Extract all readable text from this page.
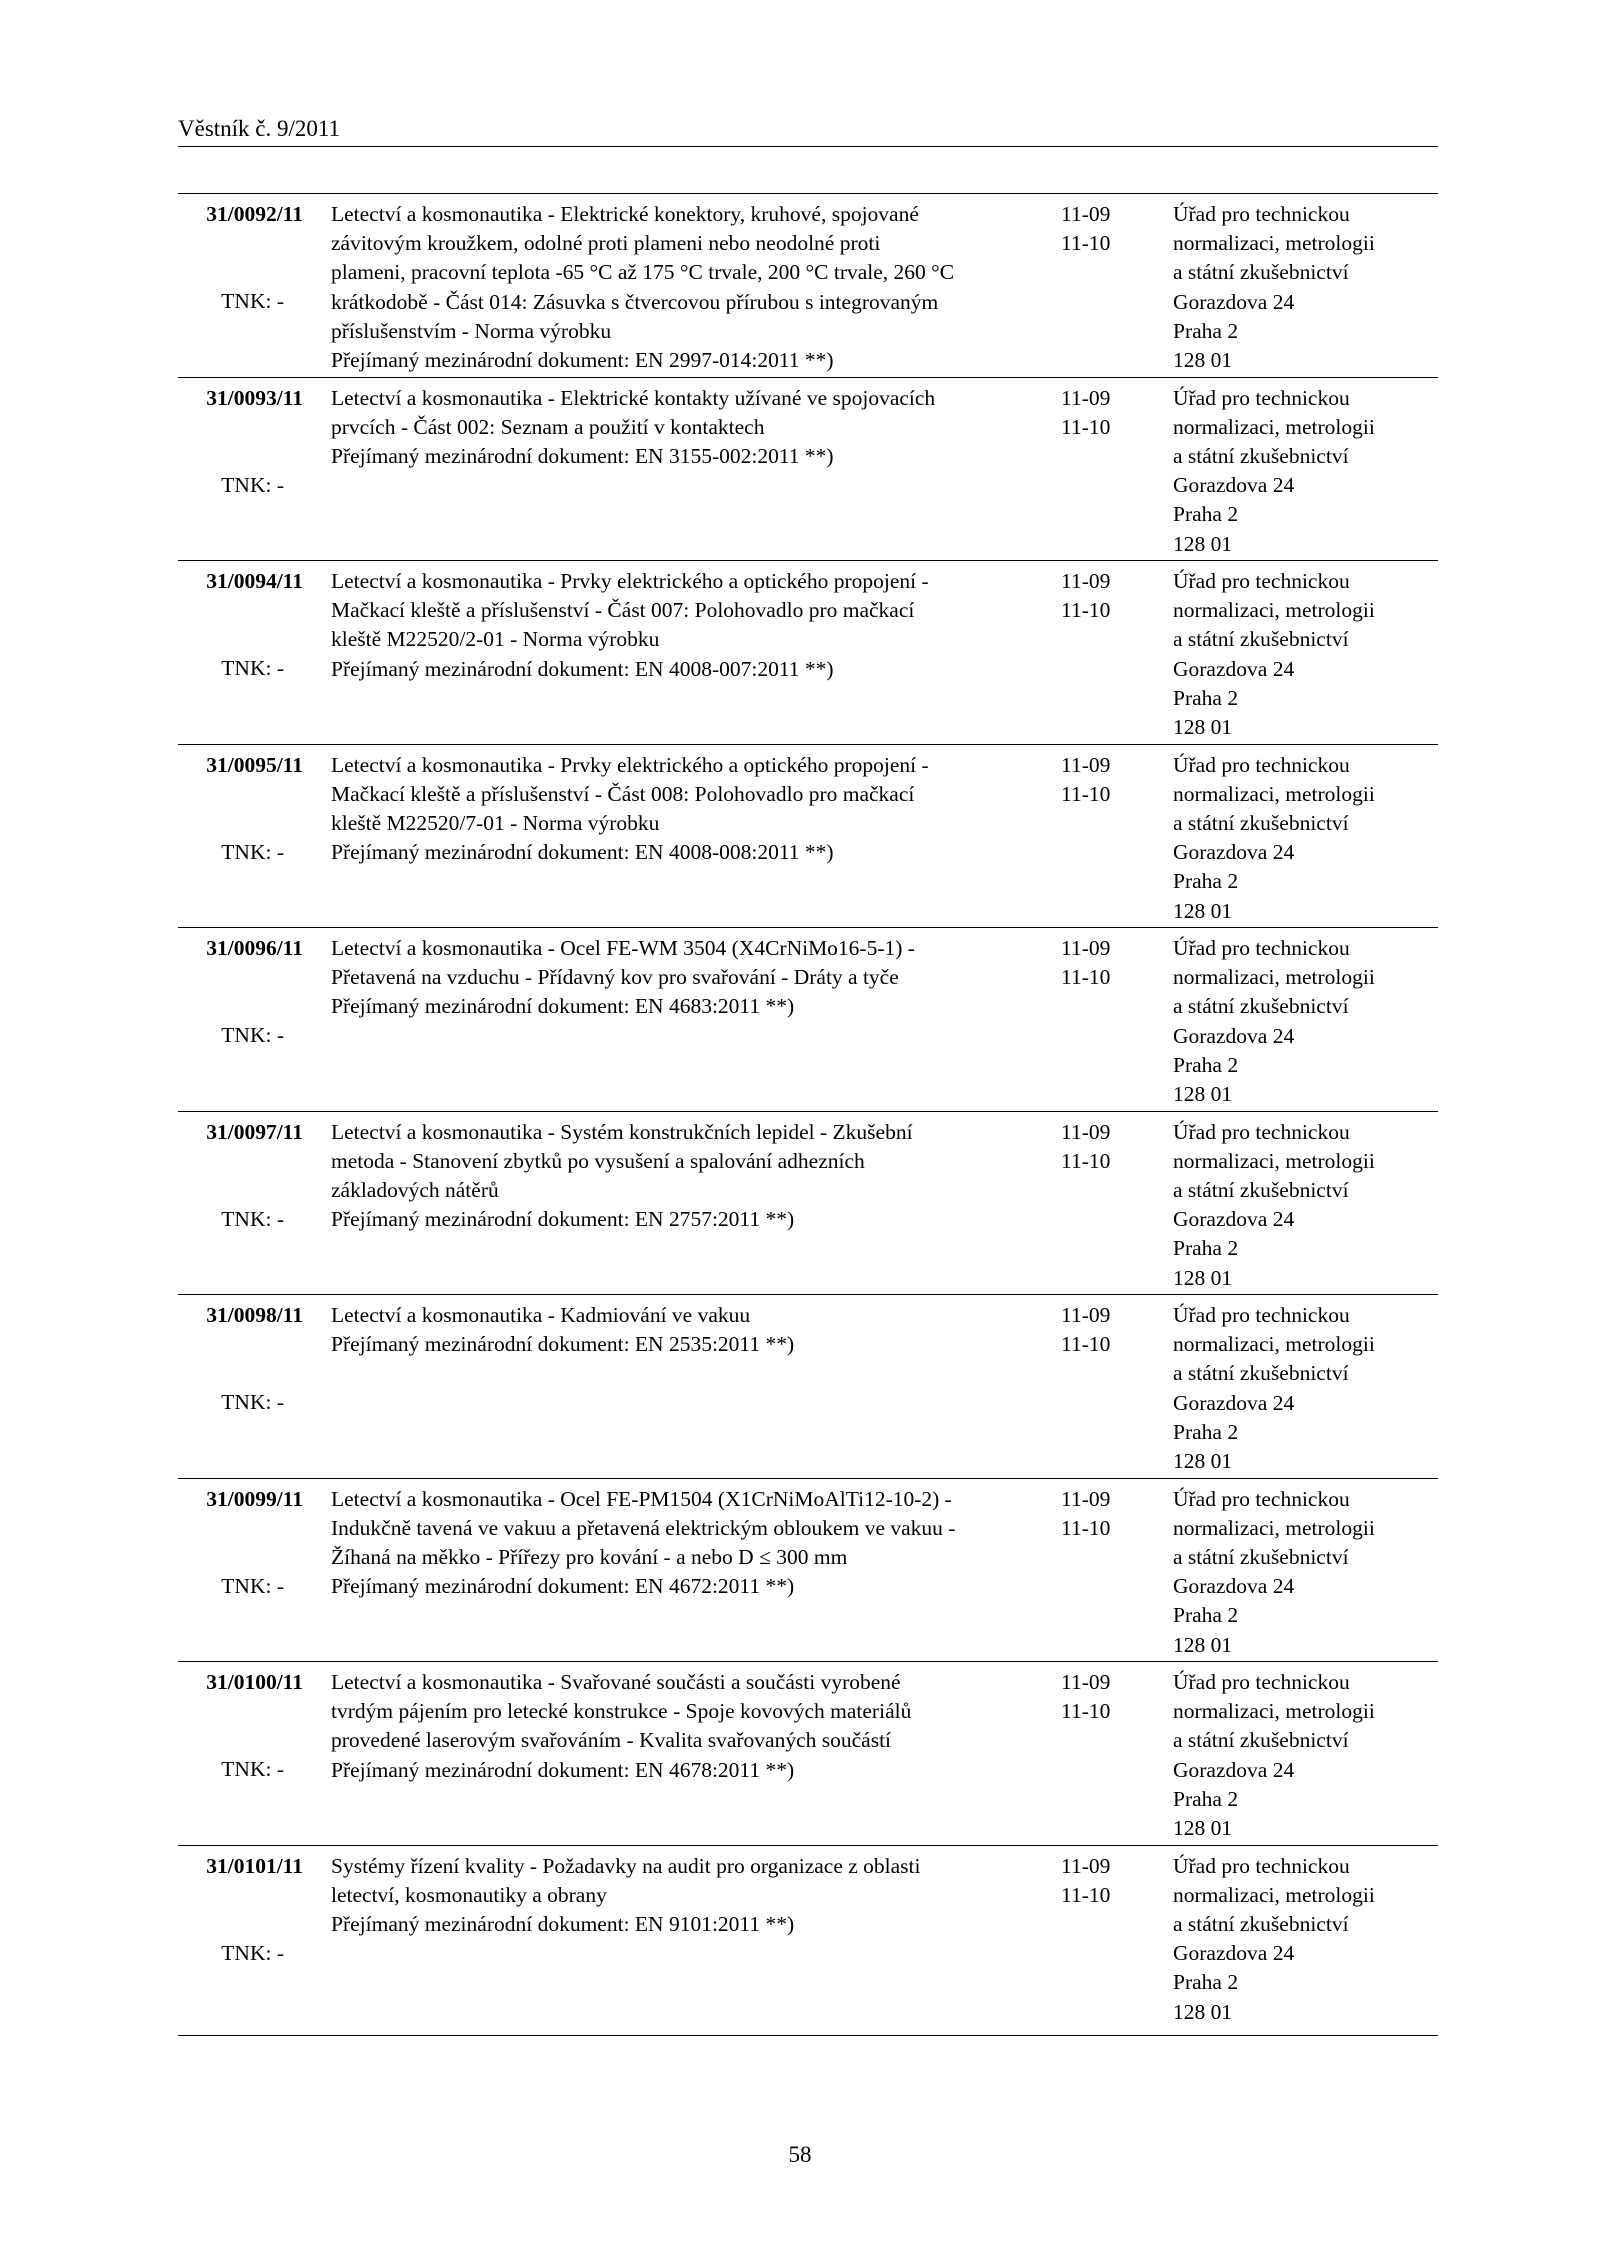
Věstník č. 9/2011
31/0092/11
TNK: -
Letectví a kosmonautika - Elektrické konektory, kruhové, spojované
závitovým kroužkem, odolné proti plameni nebo neodolné proti
plameni, pracovní teplota -65 °C až 175 °C trvale, 200 °C trvale, 260 °C
krátkodobě - Část 014: Zásuvka s čtvercovou přírubou s integrovaným
příslušenstvím - Norma výrobku
Přejímaný mezinárodní dokument: EN 2997-014:2011 **)
11-09
11-10
Úřad pro technickou
normalizaci, metrologii
a státní zkušebnictví
Gorazdova 24
Praha 2
128 01
31/0093/11
TNK: -
Letectví a kosmonautika - Elektrické kontakty užívané ve spojovacích
prvcích - Část 002: Seznam a použití v kontaktech
Přejímaný mezinárodní dokument: EN 3155-002:2011 **)
11-09
11-10
Úřad pro technickou
normalizaci, metrologii
a státní zkušebnictví
Gorazdova 24
Praha 2
128 01
31/0094/11
TNK: -
Letectví a kosmonautika - Prvky elektrického a optického propojení -
Mačkací kleště a příslušenství - Část 007: Polohovadlo pro mačkací
kleště M22520/2-01 - Norma výrobku
Přejímaný mezinárodní dokument: EN 4008-007:2011 **)
11-09
11-10
Úřad pro technickou
normalizaci, metrologii
a státní zkušebnictví
Gorazdova 24
Praha 2
128 01
31/0095/11
TNK: -
Letectví a kosmonautika - Prvky elektrického a optického propojení -
Mačkací kleště a příslušenství - Část 008: Polohovadlo pro mačkací
kleště M22520/7-01 - Norma výrobku
Přejímaný mezinárodní dokument: EN 4008-008:2011 **)
11-09
11-10
Úřad pro technickou
normalizaci, metrologii
a státní zkušebnictví
Gorazdova 24
Praha 2
128 01
31/0096/11
TNK: -
Letectví a kosmonautika - Ocel FE-WM 3504 (X4CrNiMo16-5-1) -
Přetavená na vzduchu - Přídavný kov pro svařování - Dráty a tyče
Přejímaný mezinárodní dokument: EN 4683:2011 **)
11-09
11-10
Úřad pro technickou
normalizaci, metrologii
a státní zkušebnictví
Gorazdova 24
Praha 2
128 01
31/0097/11
TNK: -
Letectví a kosmonautika - Systém konstrukčních lepidel - Zkušební
metoda - Stanovení zbytků po vysušení a spalování adhezních
základových nátěrů
Přejímaný mezinárodní dokument: EN 2757:2011 **)
11-09
11-10
Úřad pro technickou
normalizaci, metrologii
a státní zkušebnictví
Gorazdova 24
Praha 2
128 01
31/0098/11
TNK: -
Letectví a kosmonautika - Kadmiování ve vakuu
Přejímaný mezinárodní dokument: EN 2535:2011 **)
11-09
11-10
Úřad pro technickou
normalizaci, metrologii
a státní zkušebnictví
Gorazdova 24
Praha 2
128 01
31/0099/11
TNK: -
Letectví a kosmonautika - Ocel FE-PM1504 (X1CrNiMoAlTi12-10-2) -
Indukčně tavená ve vakuu a přetavená elektrickým obloukem ve vakuu -
Žíhaná na měkko - Přířezy pro kování - a nebo D ≤ 300 mm
Přejímaný mezinárodní dokument: EN 4672:2011 **)
11-09
11-10
Úřad pro technickou
normalizaci, metrologii
a státní zkušebnictví
Gorazdova 24
Praha 2
128 01
31/0100/11
TNK: -
Letectví a kosmonautika - Svařované součásti a součásti vyrobené
tvrdým pájením pro letecké konstrukce - Spoje kovových materiálů
provedené laserovým svařováním - Kvalita svařovaných součástí
Přejímaný mezinárodní dokument: EN 4678:2011 **)
11-09
11-10
Úřad pro technickou
normalizaci, metrologii
a státní zkušebnictví
Gorazdova 24
Praha 2
128 01
31/0101/11
TNK: -
Systémy řízení kvality - Požadavky na audit pro organizace z oblasti
letectví, kosmonautiky a obrany
Přejímaný mezinárodní dokument: EN 9101:2011 **)
11-09
11-10
Úřad pro technickou
normalizaci, metrologii
a státní zkušebnictví
Gorazdova 24
Praha 2
128 01
58
